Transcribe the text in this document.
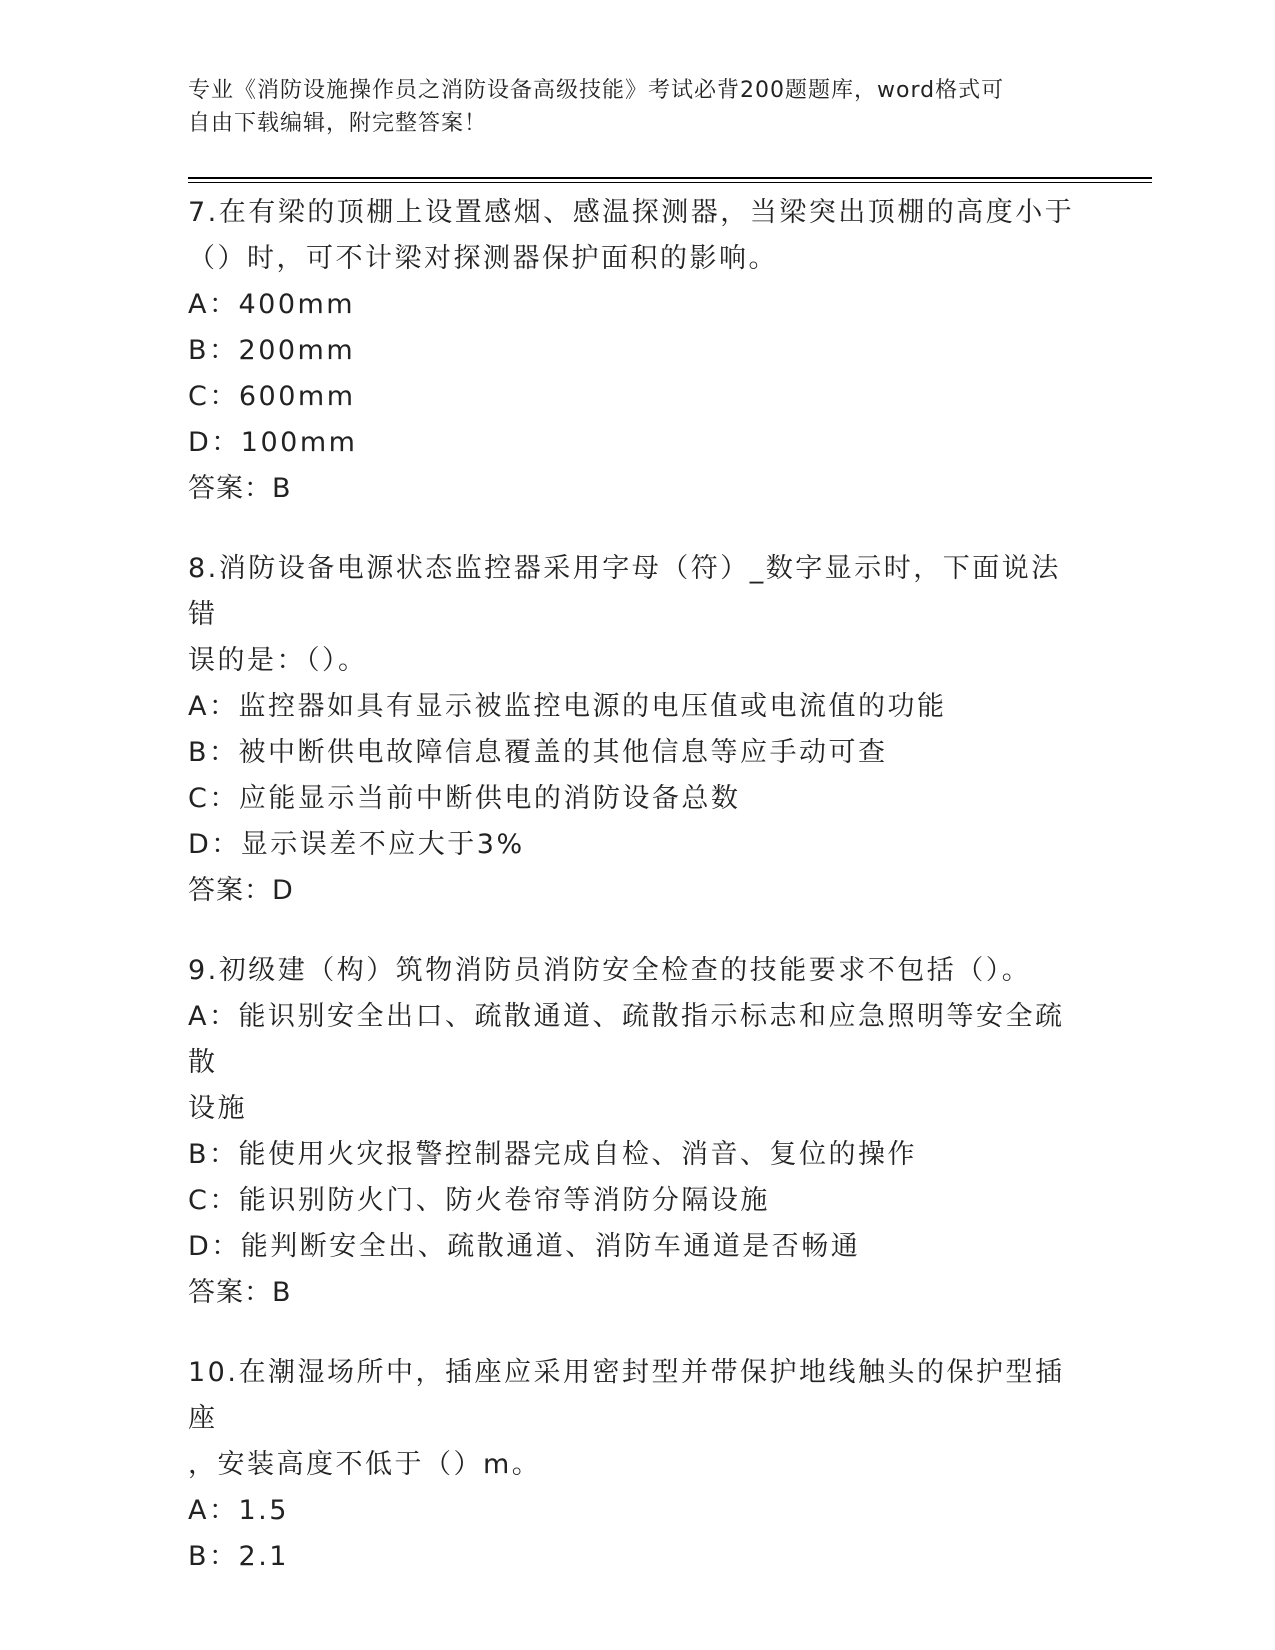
专业《消防设施操作员之消防设备高级技能》考试必背200题题库，word格式可
自由下载编辑，附完整答案！

7.在有梁的顶棚上设置感烟、感温探测器，当梁突出顶棚的高度小于

（）时，可不计梁对探测器保护面积的影响。

A：400mm

B：200mm

C：600mm

D：100mm

答案：B

8.消防设备电源状态监控器采用字母（符）_数字显示时，下面说法错

误的是：（）。

A：监控器如具有显示被监控电源的电压值或电流值的功能

B：被中断供电故障信息覆盖的其他信息等应手动可查

C：应能显示当前中断供电的消防设备总数

D：显示误差不应大于3%

答案：D

9.初级建（构）筑物消防员消防安全检查的技能要求不包括（）。

A：能识别安全出口、疏散通道、疏散指示标志和应急照明等安全疏散

设施

B：能使用火灾报警控制器完成自检、消音、复位的操作

C：能识别防火门、防火卷帘等消防分隔设施

D：能判断安全出、疏散通道、消防车通道是否畅通

答案：B

10.在潮湿场所中，插座应采用密封型并带保护地线触头的保护型插座

，安装高度不低于（）m。

A：1.5

B：2.1
